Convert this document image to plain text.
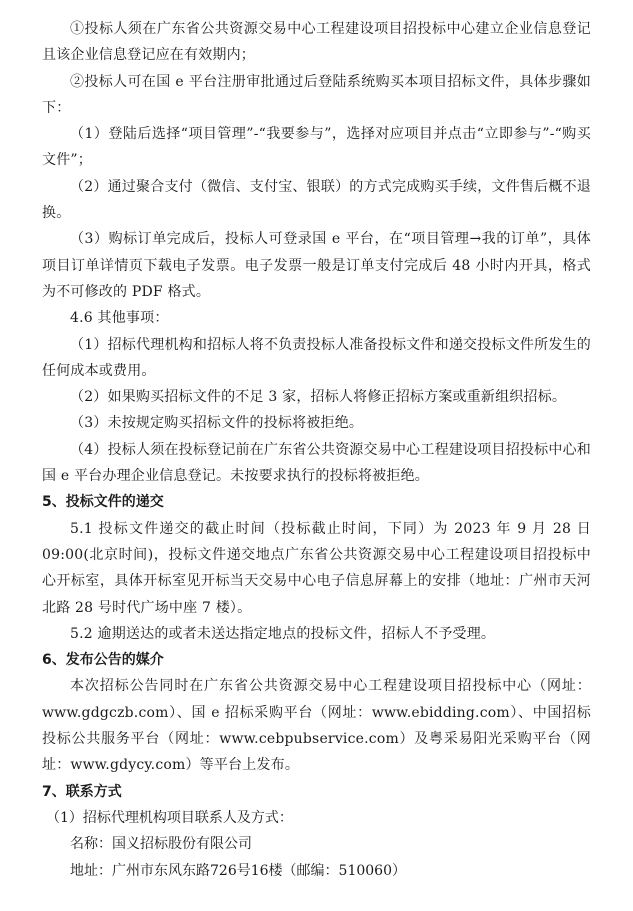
①投标人须在广东省公共资源交易中心工程建设项目招投标中心建立企业信息登记且该企业信息登记应在有效期内；

②投标人可在国 e 平台注册审批通过后登陆系统购买本项目招标文件，具体步骤如下：

（1）登陆后选择“项目管理”-“我要参与”，选择对应项目并点击“立即参与”-“购买文件”；

（2）通过聚合支付（微信、支付宝、银联）的方式完成购买手续，文件售后概不退换。

（3）购标订单完成后，投标人可登录国 e 平台，在“项目管理→我的订单”，具体项目订单详情页下载电子发票。电子发票一般是订单支付完成后 48 小时内开具，格式为不可修改的 PDF 格式。

4.6 其他事项：

（1）招标代理机构和招标人将不负责投标人准备投标文件和递交投标文件所发生的任何成本或费用。

（2）如果购买招标文件的不足 3 家，招标人将修正招标方案或重新组织招标。

（3）未按规定购买招标文件的投标将被拒绝。

（4）投标人须在投标登记前在广东省公共资源交易中心工程建设项目招投标中心和国 e 平台办理企业信息登记。未按要求执行的投标将被拒绝。

5、投标文件的递交

5.1 投标文件递交的截止时间（投标截止时间，下同）为 2023 年 9 月 28 日 09:00(北京时间)，投标文件递交地点广东省公共资源交易中心工程建设项目招投标中心开标室，具体开标室见开标当天交易中心电子信息屏幕上的安排（地址：广州市天河北路 28 号时代广场中座 7 楼）。

5.2 逾期送达的或者未送达指定地点的投标文件，招标人不予受理。

6、发布公告的媒介

本次招标公告同时在广东省公共资源交易中心工程建设项目招投标中心（网址：www.gdgczb.com）、国 e 招标采购平台（网址：www.ebidding.com）、中国招标投标公共服务平台（网址：www.cebpubservice.com）及粤采易阳光采购平台（网址：www.gdycy.com）等平台上发布。

7、联系方式

（1）招标代理机构项目联系人及方式：

名称：国义招标股份有限公司

地址：广州市东风东路726号16楼（邮编：510060）
